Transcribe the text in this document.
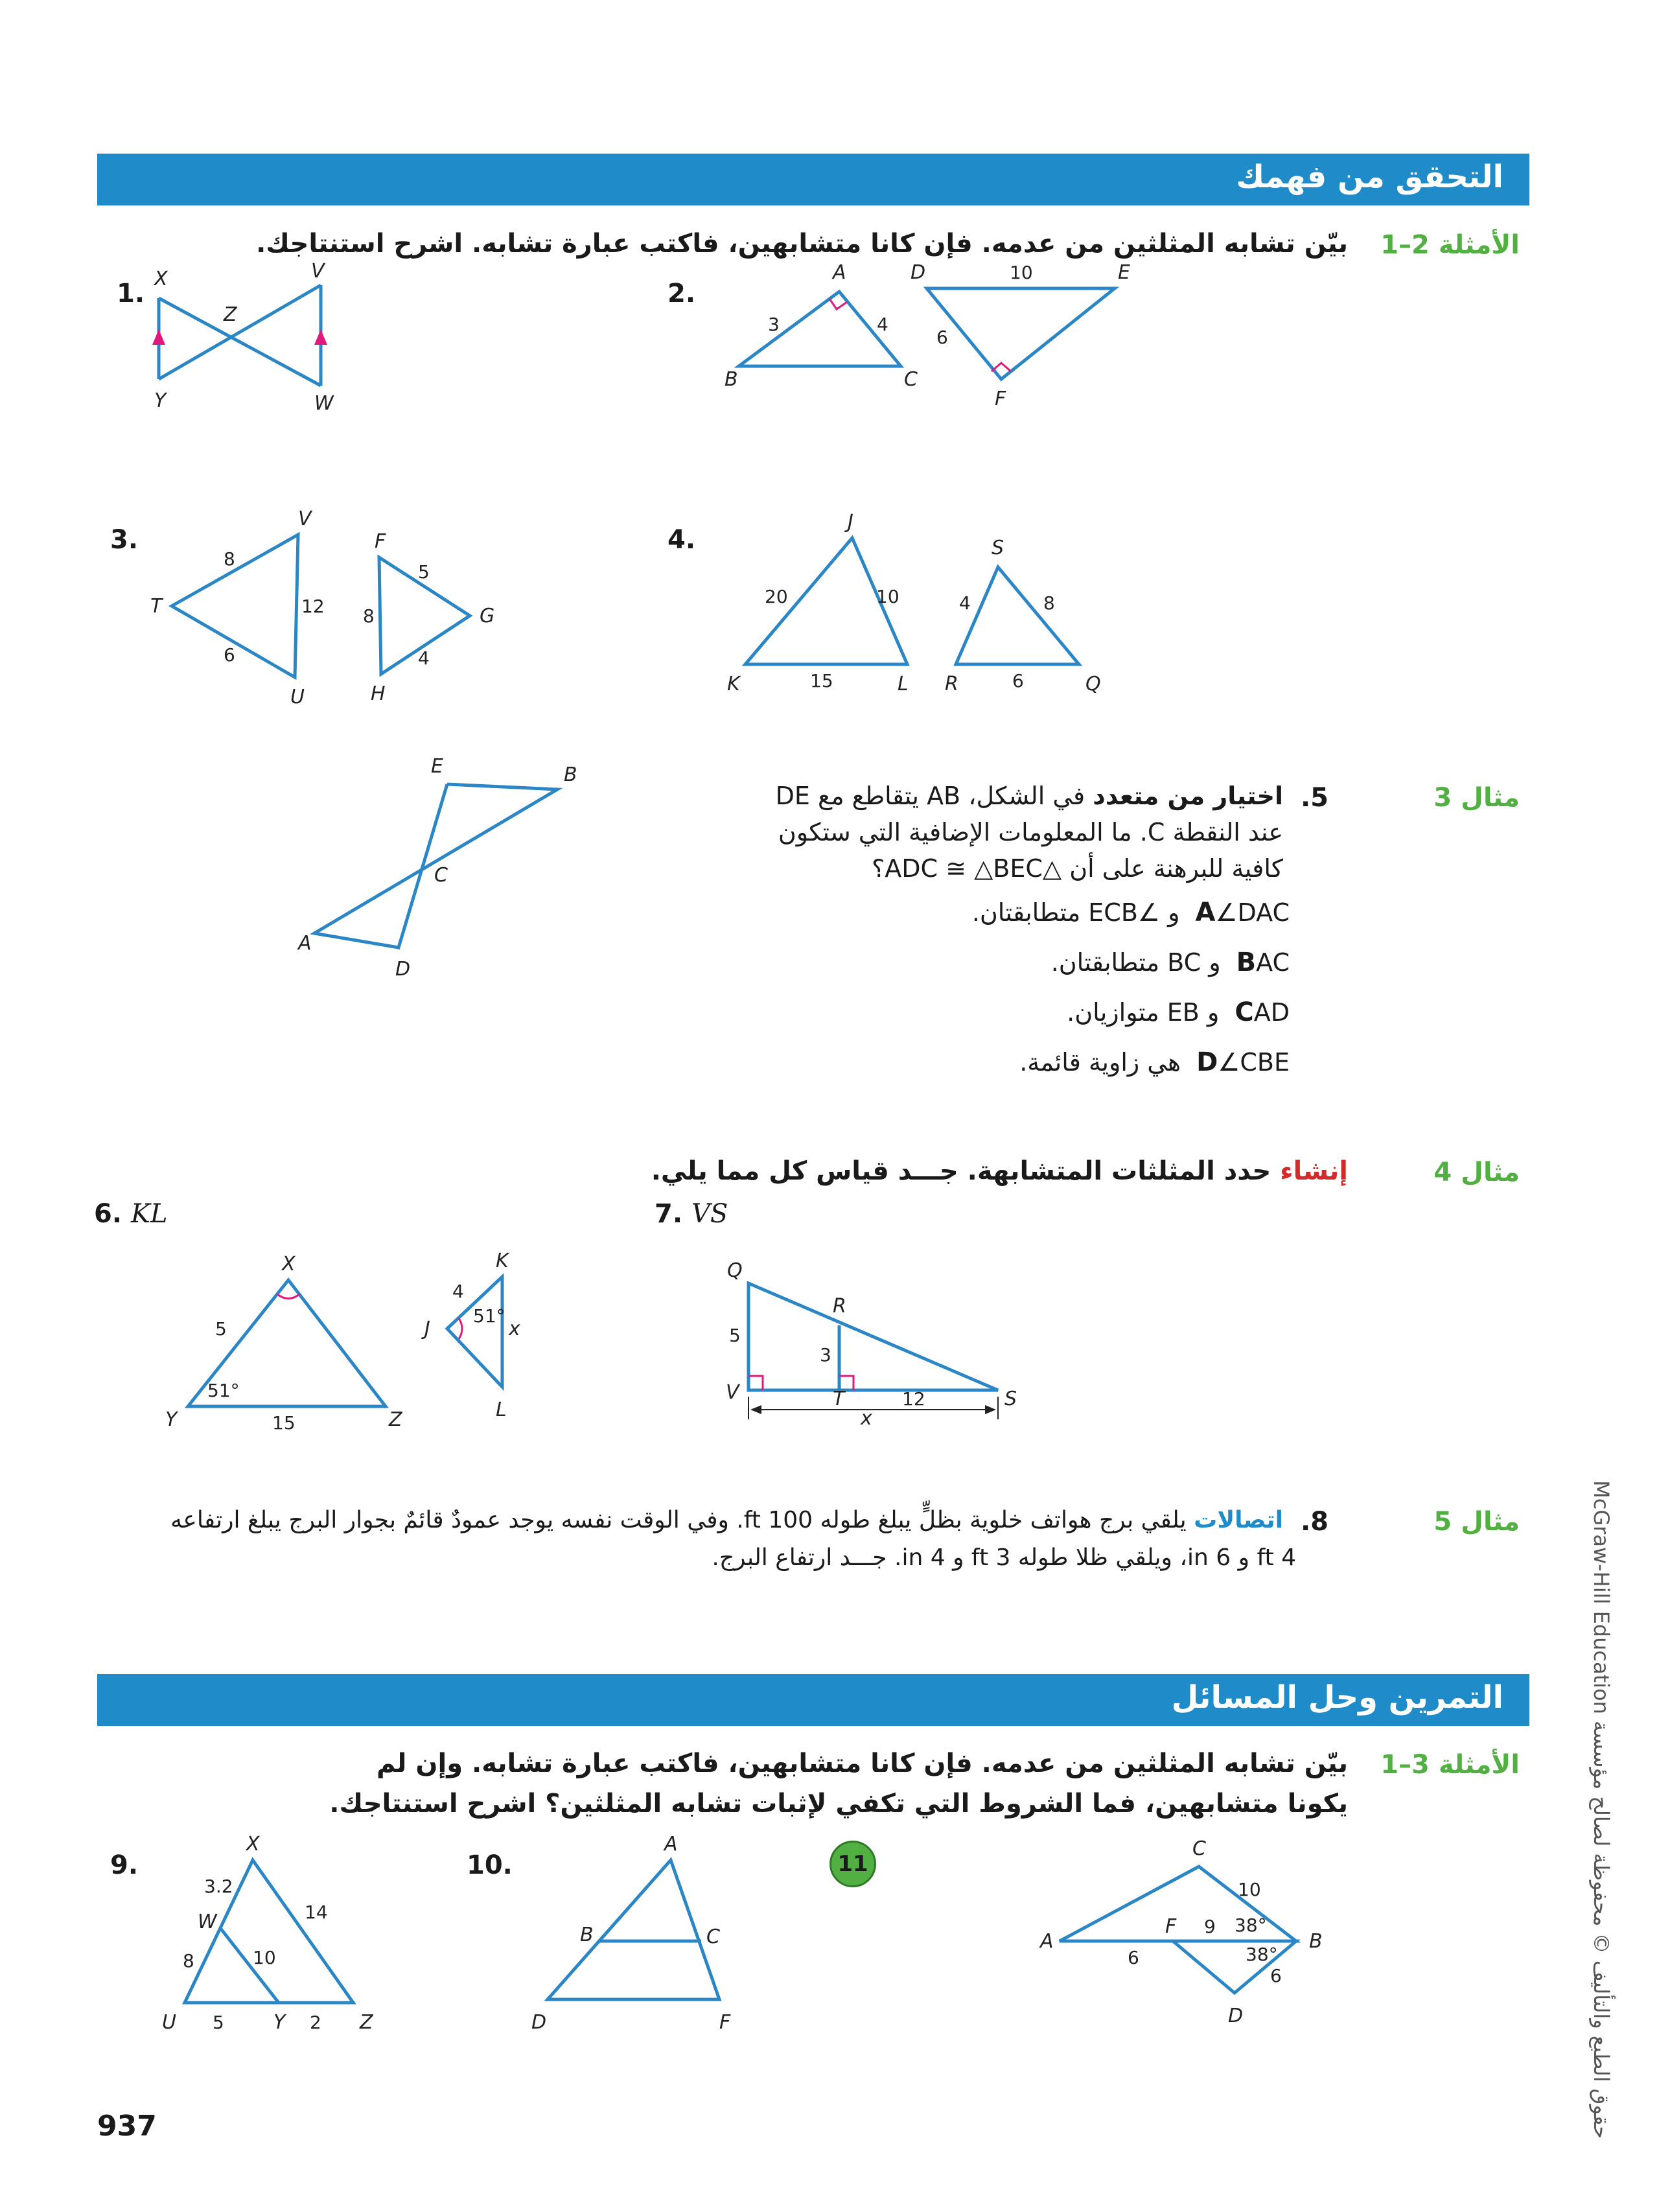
التحقق من فهمك
الأمثلة 2–1
بيّن تشابه المثلثين من عدمه. فإن كانا متشابهين، فاكتب عبارة تشابه. اشرح استنتاجك.
1. X	V
Z
Y	W
2.
A
B	C
D	E
F
3	4
10
6
3.
T
V
U
F
G
H
8
12
6
5
8
4
4.
J
K	L
S
R	Q
20	10
15
4	8
6
مثال 3
.5
اختيار من متعدد في الشكل، AB يتقاطع مع DE
عند النقطة C. ما المعلومات الإضافية التي ستكون
كافية للبرهنة على أن △ADC ≅ △BEC؟
A∠DAC و ∠ECB متطابقتان.
BAC و BC متطابقتان.
CAD و EB متوازيان.
D∠CBE هي زاوية قائمة.
E	B
C
A
D
مثال 4
إنشاء حدد المثلثات المتشابهة. جـــد قياس كل مما يلي.
6. KL	7. VS
X
Y	Z
K
J
L
5
15
51°
4
51°
x
Q
R
V	T	S
5
3
12
x
مثال 5
.8
اتصالات يلقي برج هواتف خلوية بظلٍّ يبلغ طوله 100 ft. وفي الوقت نفسه يوجد عمودٌ قائمٌ بجوار البرج يبلغ ارتفاعه
4 ft و 6 in، ويلقي ظلا طوله 3 ft و 4 in. جـــد ارتفاع البرج.
التمرين وحل المسائل
الأمثلة 3–1
بيّن تشابه المثلثين من عدمه. فإن كانا متشابهين، فاكتب عبارة تشابه. وإن لم يكونا متشابهين، فما الشروط التي تكفي لإثبات تشابه المثلثين؟ اشرح استنتاجك.
9.
X
W
U	Y	Z
3.2
14
8	10
5	2
10.
A
B	C
D	F
11
C
A
F
B
D
10
9 38°
38°
6
6
937
حقوق الطبع والتأليف © محفوظة لصالح مؤسسة McGraw-Hill Education
